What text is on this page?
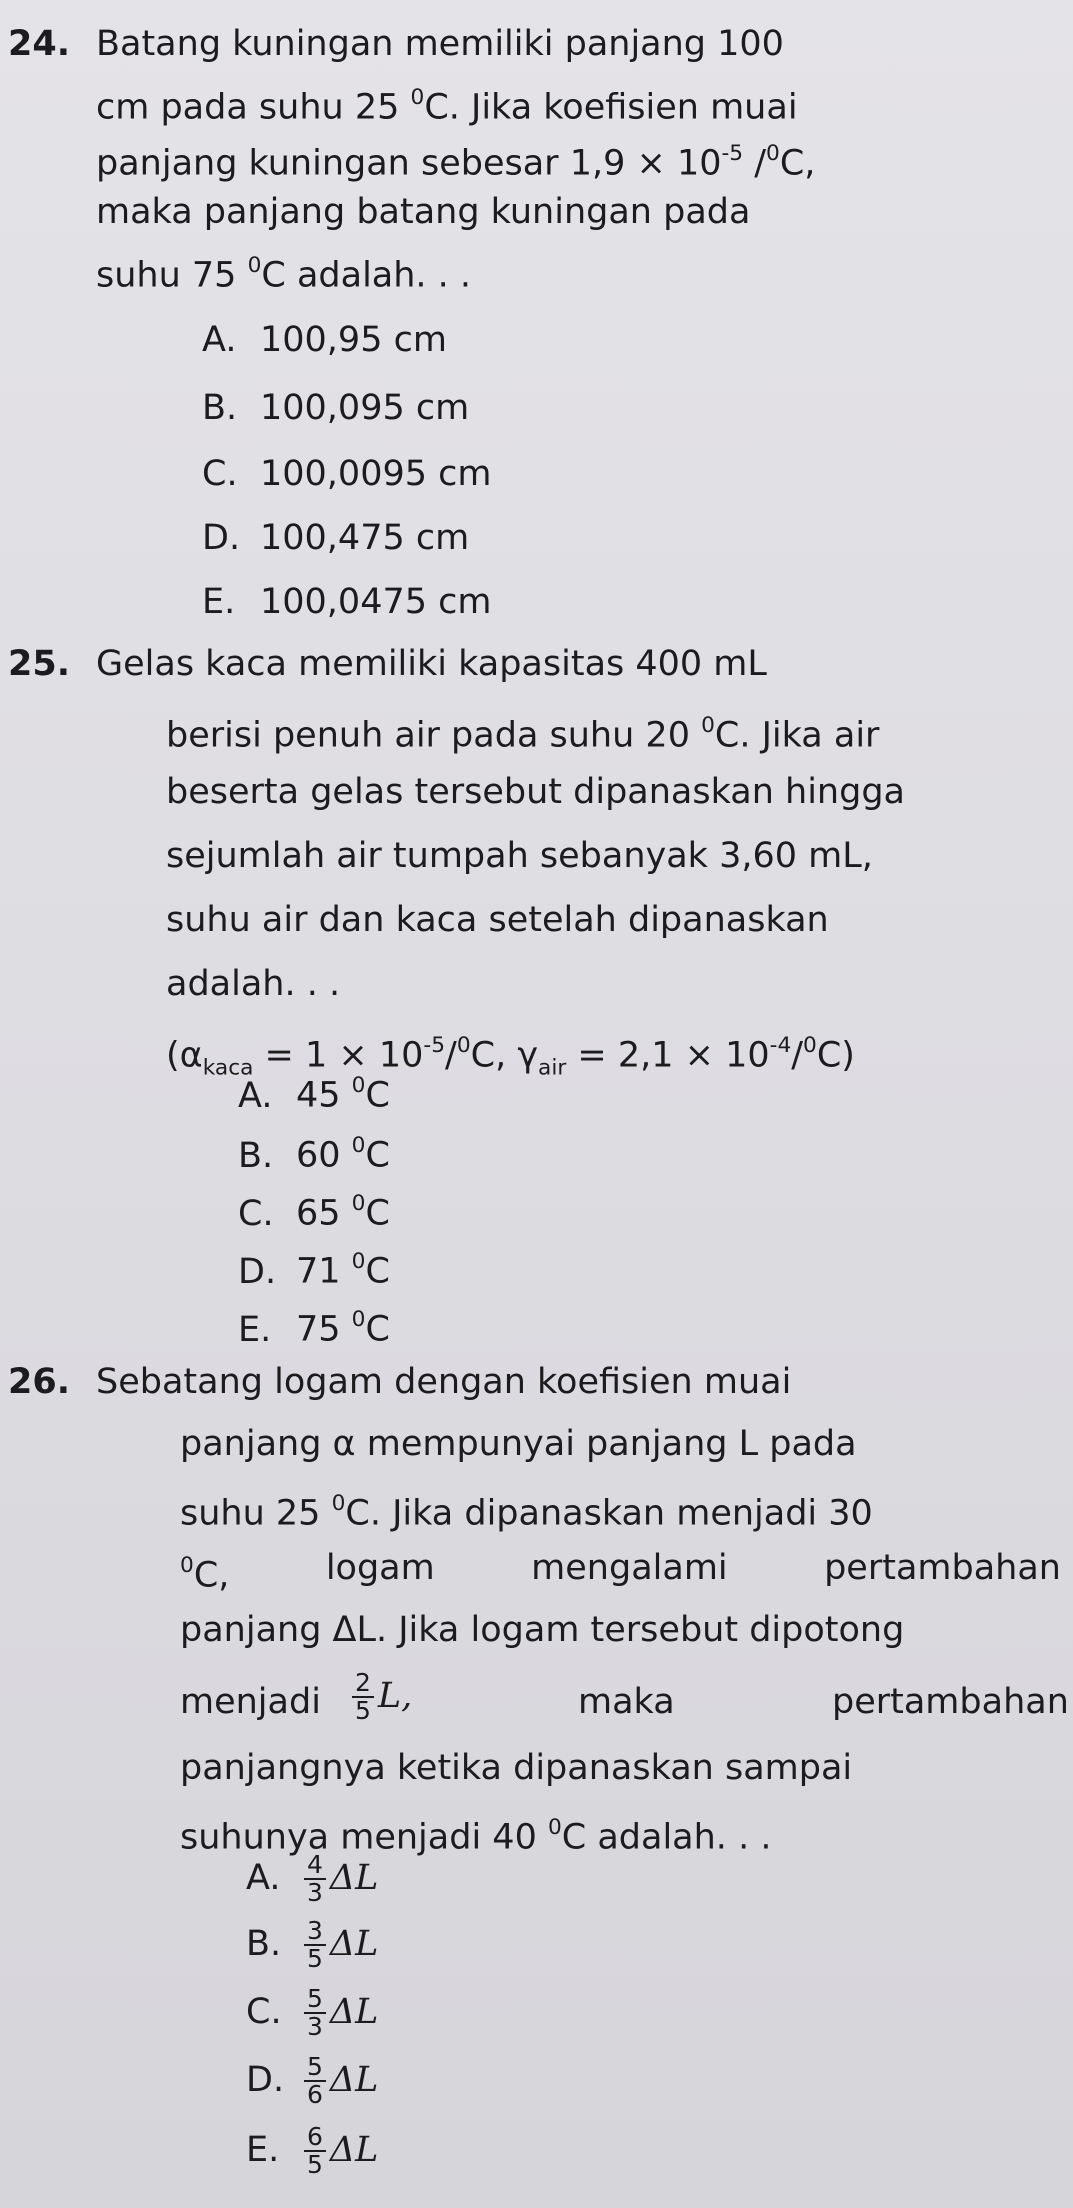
24. Batang kuningan memiliki panjang 100
cm pada suhu 25 $^0$C. Jika koefisien muai
panjang kuningan sebesar $1,9 \times 10^{-5}$ /$^0$C,
maka panjang batang kuningan pada
suhu 75 $^0$C adalah. . .
A. 100,95 cm
B. 100,095 cm
C. 100,0095 cm
D. 100,475 cm
E. 100,0475 cm
25. Gelas kaca memiliki kapasitas 400 mL
berisi penuh air pada suhu 20 $^0$C. Jika air
beserta gelas tersebut dipanaskan hingga
sejumlah air tumpah sebanyak 3,60 mL,
suhu air dan kaca setelah dipanaskan
adalah. . .
($\alpha_{kaca} = 1 \times 10^{-5}/^0C$, $\gamma_{air} = 2,1 \times 10^{-4}/^0C$)
A. 45 $^0$C
B. 60 $^0$C
C. 65 $^0$C
D. 71 $^0$C
E. 75 $^0$C
26. Sebatang logam dengan koefisien muai
panjang α mempunyai panjang L pada
suhu 25 $^0$C. Jika dipanaskan menjadi 30
$^0$C,	logam	mengalami	pertambahan
panjang ΔL. Jika logam tersebut dipotong
menjadi $\frac{2}{5} L$,	maka	pertambahan
panjangnya ketika dipanaskan sampai
suhunya menjadi 40 $^0$C adalah. . .
A. $\frac{4}{3}$ ΔL
B. $\frac{3}{5}$ ΔL
C. $\frac{5}{3}$ ΔL
D. $\frac{5}{6}$ ΔL
E. $\frac{6}{5}$ ΔL
